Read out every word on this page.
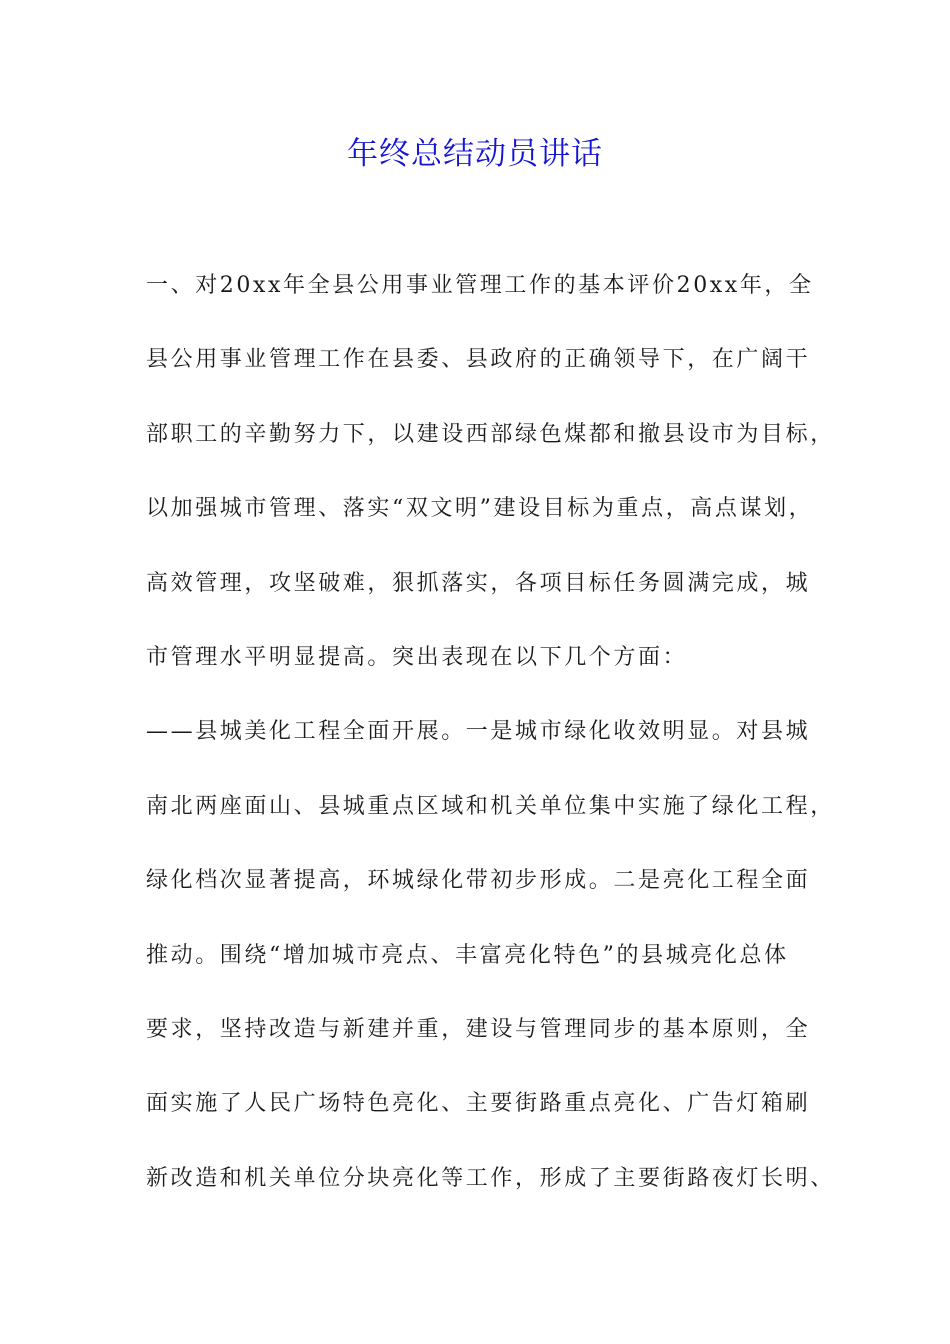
年终总结动员讲话
一、对20xx年全县公用事业管理工作的基本评价20xx年，全
县公用事业管理工作在县委、县政府的正确领导下，在广阔干
部职工的辛勤努力下，以建设西部绿色煤都和撤县设市为目标，
以加强城市管理、落实“双文明”建设目标为重点，高点谋划，
高效管理，攻坚破难，狠抓落实，各项目标任务圆满完成，城
市管理水平明显提高。突出表现在以下几个方面：
——县城美化工程全面开展。一是城市绿化收效明显。对县城
南北两座面山、县城重点区域和机关单位集中实施了绿化工程，
绿化档次显著提高，环城绿化带初步形成。二是亮化工程全面
推动。围绕“增加城市亮点、丰富亮化特色”的县城亮化总体
要求，坚持改造与新建并重，建设与管理同步的基本原则，全
面实施了人民广场特色亮化、主要街路重点亮化、广告灯箱刷
新改造和机关单位分块亮化等工作，形成了主要街路夜灯长明、
